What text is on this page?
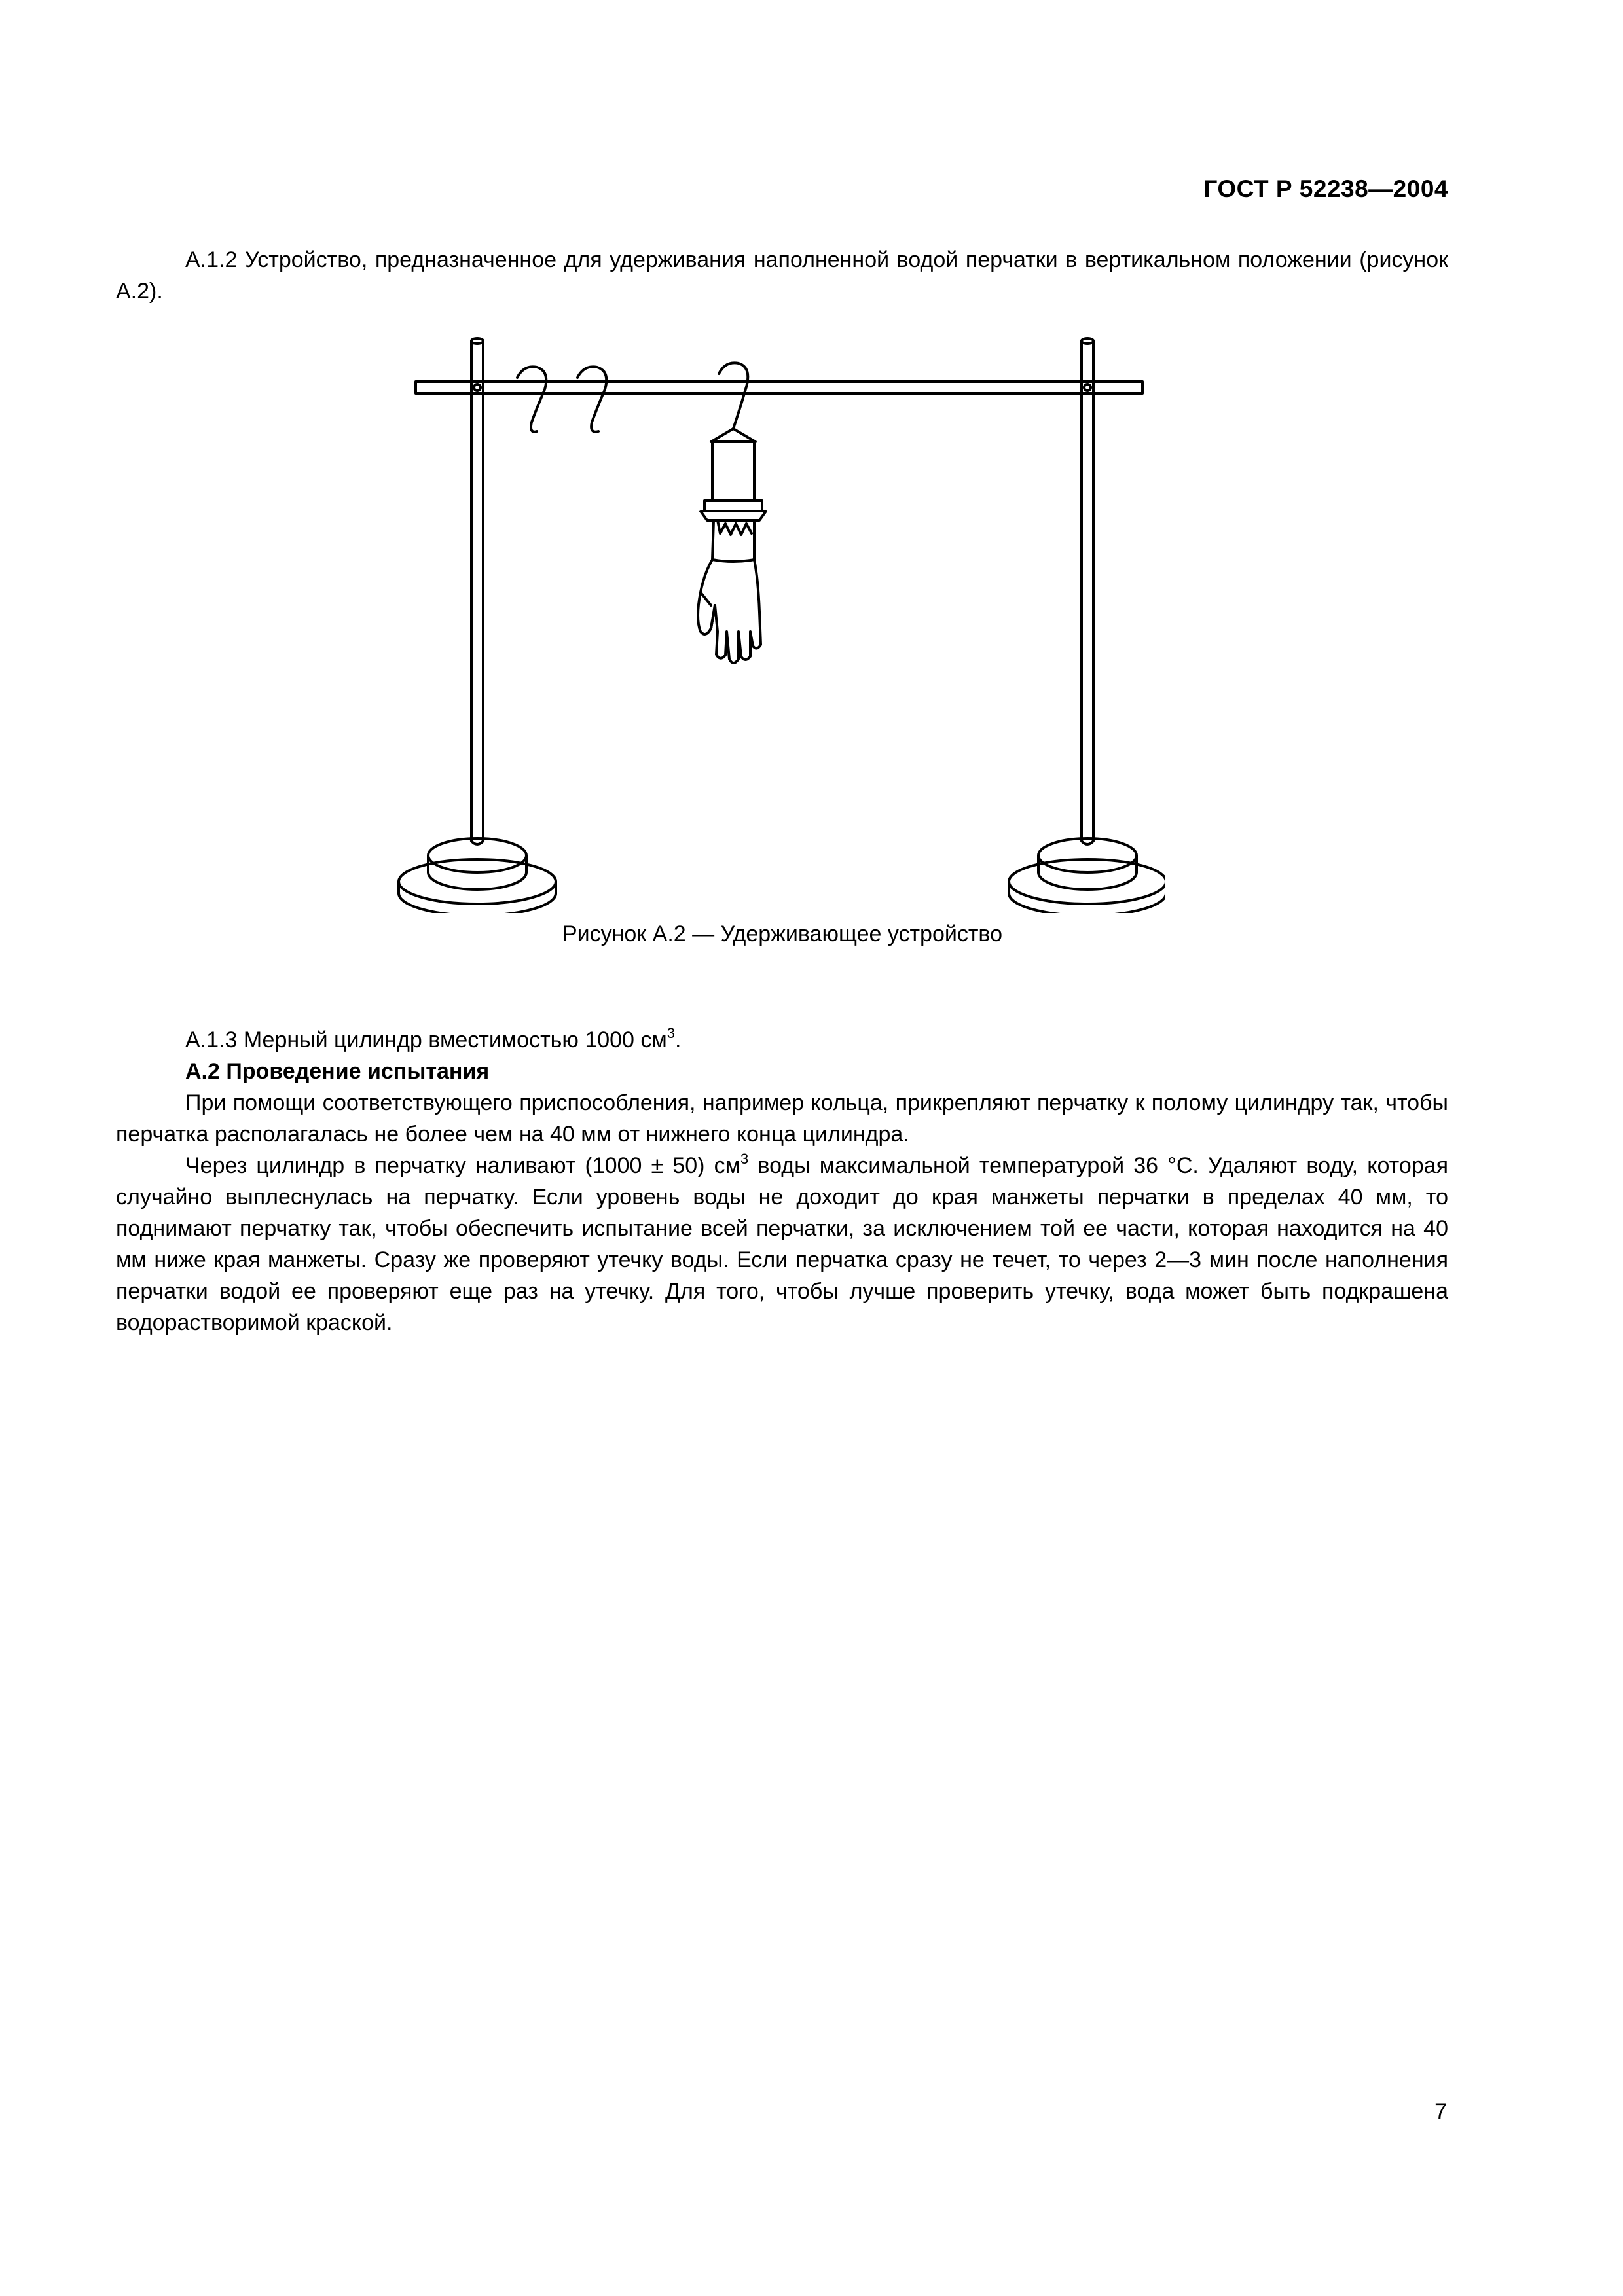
ГОСТ Р 52238—2004

А.1.2 Устройство, предназначенное для удерживания наполненной водой перчатки в вертикальном положении (рисунок А.2).

Рисунок А.2 — Удерживающее устройство

А.1.3 Мерный цилиндр вместимостью 1000 $см^3$.

А.2 Проведение испытания

При помощи соответствующего приспособления, например кольца, прикрепляют перчатку к полому цилиндру так, чтобы перчатка располагалась не более чем на 40 мм от нижнего конца цилиндра.

Через цилиндр в перчатку наливают (1000 ± 50) $см^3$ воды максимальной температурой 36 °С. Удаляют воду, которая случайно выплеснулась на перчатку. Если уровень воды не доходит до края манжеты перчатки в пределах 40 мм, то поднимают перчатку так, чтобы обеспечить испытание всей перчатки, за исключением той ее части, которая находится на 40 мм ниже края манжеты. Сразу же проверяют утечку воды. Если перчатка сразу не течет, то через 2—3 мин после наполнения перчатки водой ее проверяют еще раз на утечку. Для того, чтобы лучше проверить утечку, вода может быть подкрашена водорастворимой краской.

7
